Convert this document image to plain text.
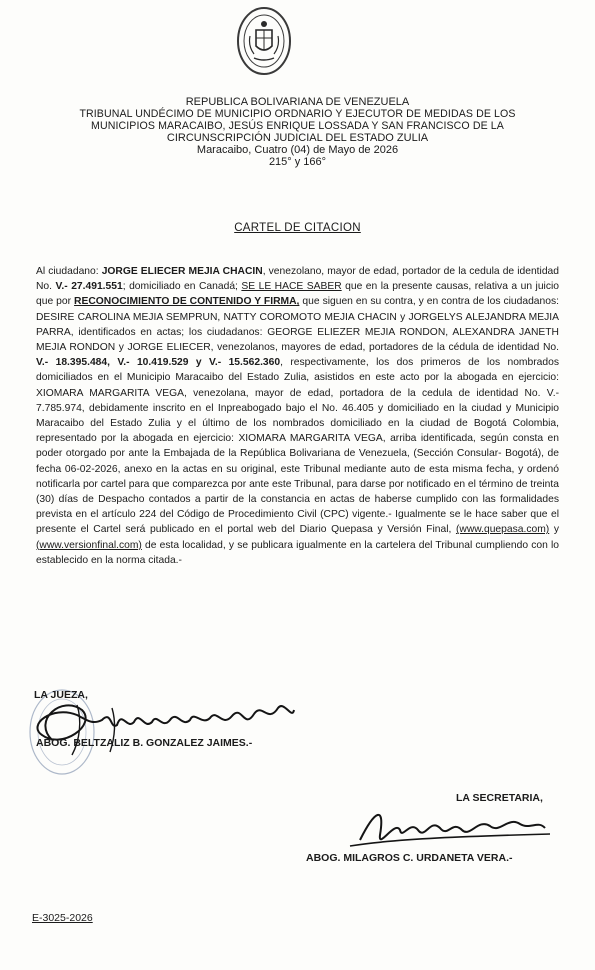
REPUBLICA BOLIVARIANA DE VENEZUELA
TRIBUNAL UNDÉCIMO DE MUNICIPIO ORDNARIO Y EJECUTOR DE MEDIDAS DE LOS
MUNICIPIOS MARACAIBO, JESÚS ENRIQUE LOSSADA Y SAN FRANCISCO DE LA
CIRCUNSCRIPCIÓN JUDICIAL DEL ESTADO ZULIA
Maracaibo, Cuatro (04) de Mayo de 2026
215° y 166°
CARTEL DE CITACION
Al ciudadano: JORGE ELIECER MEJIA CHACIN, venezolano, mayor de edad, portador de la cedula de identidad No. V.- 27.491.551; domiciliado en Canadá; SE LE HACE SABER que en la presente causas, relativa a un juicio que por RECONOCIMIENTO DE CONTENIDO Y FIRMA, que siguen en su contra, y en contra de los ciudadanos: DESIRE CAROLINA MEJIA SEMPRUN, NATTY COROMOTO MEJIA CHACIN y JORGELYS ALEJANDRA MEJIA PARRA, identificados en actas; los ciudadanos: GEORGE ELIEZER MEJIA RONDON, ALEXANDRA JANETH MEJIA RONDON y JORGE ELIECER, venezolanos, mayores de edad, portadores de la cédula de identidad No. V.- 18.395.484, V.- 10.419.529 y V.- 15.562.360, respectivamente, los dos primeros de los nombrados domiciliados en el Municipio Maracaibo del Estado Zulia, asistidos en este acto por la abogada en ejercicio: XIOMARA MARGARITA VEGA, venezolana, mayor de edad, portadora de la cedula de identidad No. V.- 7.785.974, debidamente inscrito en el Inpreabogado bajo el No. 46.405 y domiciliado en la ciudad y Municipio Maracaibo del Estado Zulia y el último de los nombrados domiciliado en la ciudad de Bogotá Colombia, representado por la abogada en ejercicio: XIOMARA MARGARITA VEGA, arriba identificada, según consta en poder otorgado por ante la Embajada de la República Bolivariana de Venezuela, (Sección Consular- Bogotá), de fecha 06-02-2026, anexo en la actas en su original, este Tribunal mediante auto de esta misma fecha, y ordenó notificarla por cartel para que comparezca por ante este Tribunal, para darse por notificado en el término de treinta (30) días de Despacho contados a partir de la constancia en actas de haberse cumplido con las formalidades prevista en el artículo 224 del Código de Procedimiento Civil (CPC) vigente.- Igualmente se le hace saber que el presente el Cartel será publicado en el portal web del Diario Quepasa y Versión Final, (www.quepasa.com) y (www.versionfinal.com) de esta localidad, y se publicara igualmente en la cartelera del Tribunal cumpliendo con lo establecido en la norma citada.-
LA JUEZA,
ABOG. BELTZALIZ B. GONZALEZ JAIMES.-
LA SECRETARIA,
ABOG. MILAGROS C. URDANETA VERA.-
E-3025-2026
